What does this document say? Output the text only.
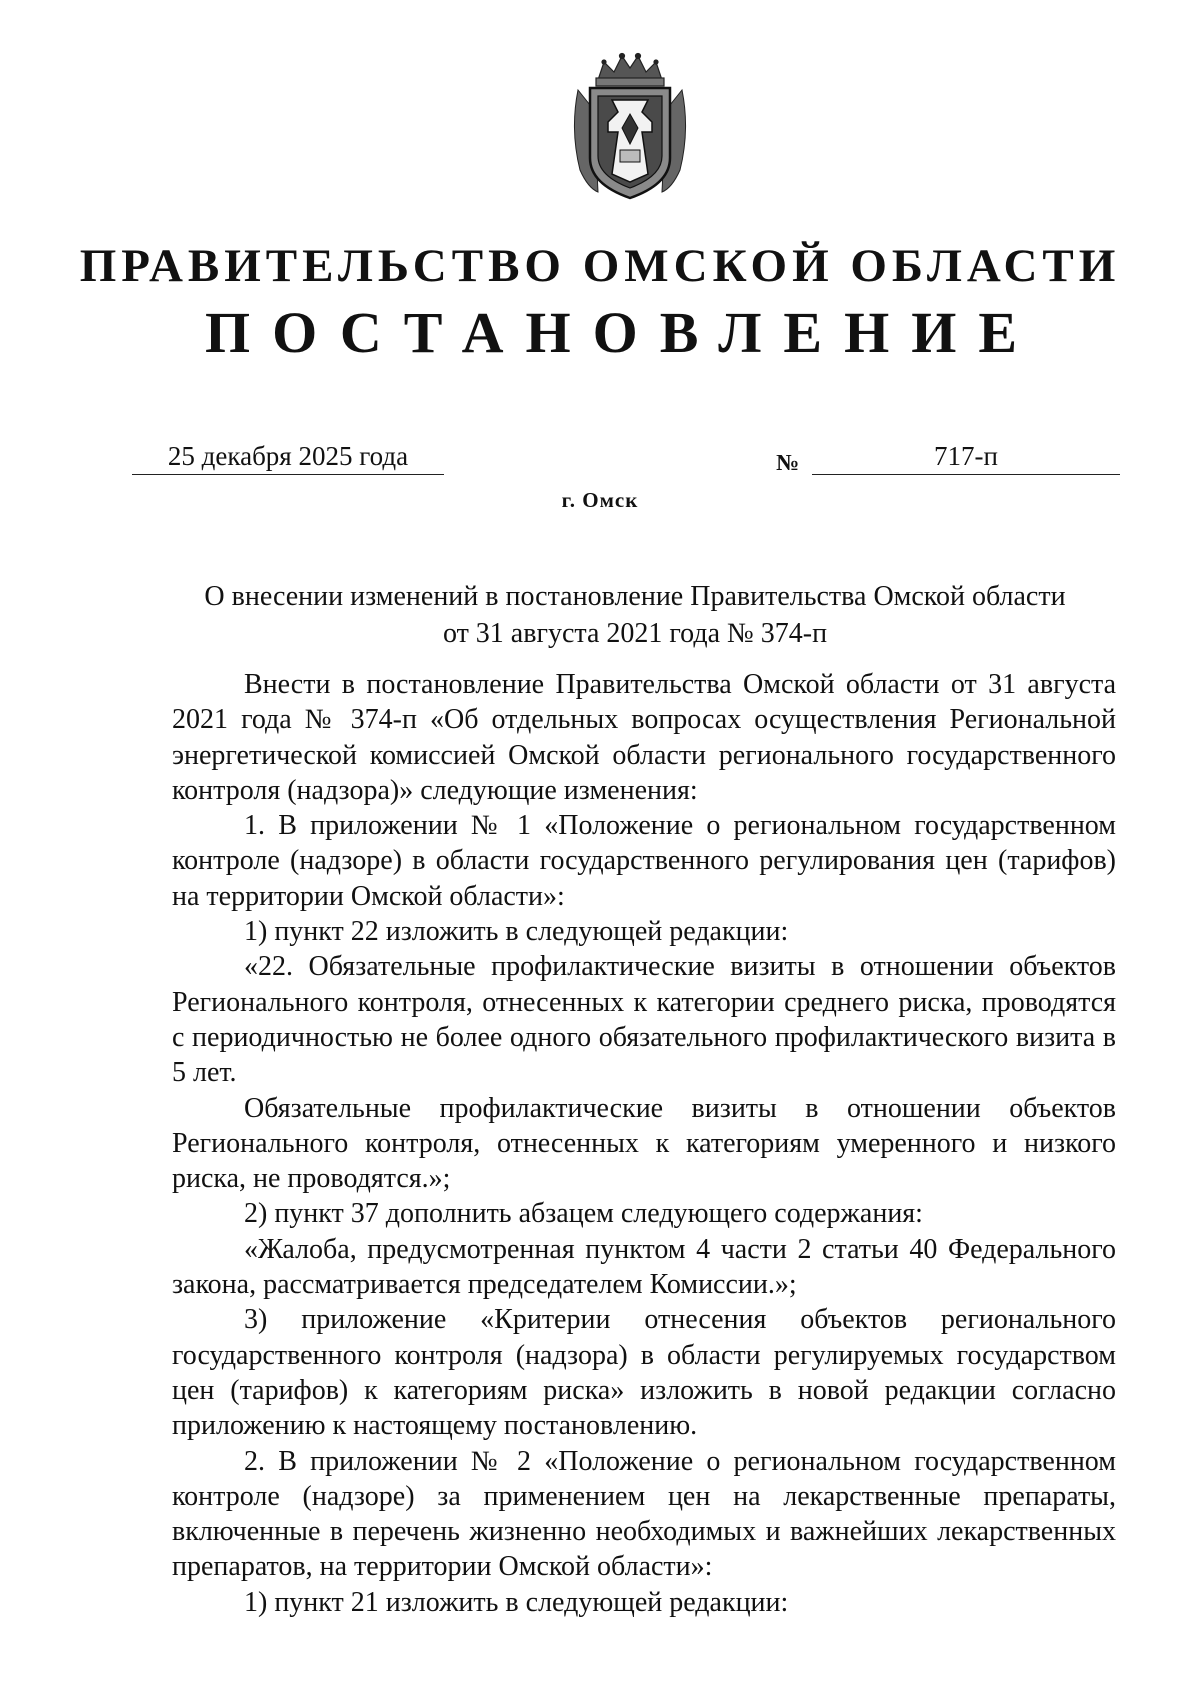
ПРАВИТЕЛЬСТВО ОМСКОЙ ОБЛАСТИ
ПОСТАНОВЛЕНИЕ
25 декабря 2025 года	№	717-п
г. Омск
О внесении изменений в постановление Правительства Омской области
от 31 августа 2021 года № 374-п

Внести в постановление Правительства Омской области от 31 августа 2021 года № 374-п «Об отдельных вопросах осуществления Региональной энергетической комиссией Омской области регионального государственного контроля (надзора)» следующие изменения:

1. В приложении № 1 «Положение о региональном государственном контроле (надзоре) в области государственного регулирования цен (тарифов) на территории Омской области»:

1) пункт 22 изложить в следующей редакции:

«22. Обязательные профилактические визиты в отношении объектов Регионального контроля, отнесенных к категории среднего риска, проводятся с периодичностью не более одного обязательного профилактического визита в 5 лет.

Обязательные профилактические визиты в отношении объектов Регионального контроля, отнесенных к категориям умеренного и низкого риска, не проводятся.»;

2) пункт 37 дополнить абзацем следующего содержания:

«Жалоба, предусмотренная пунктом 4 части 2 статьи 40 Федерального закона, рассматривается председателем Комиссии.»;

3) приложение «Критерии отнесения объектов регионального государственного контроля (надзора) в области регулируемых государством цен (тарифов) к категориям риска» изложить в новой редакции согласно приложению к настоящему постановлению.

2. В приложении № 2 «Положение о региональном государственном контроле (надзоре) за применением цен на лекарственные препараты, включенные в перечень жизненно необходимых и важнейших лекарственных препаратов, на территории Омской области»:

1) пункт 21 изложить в следующей редакции:
